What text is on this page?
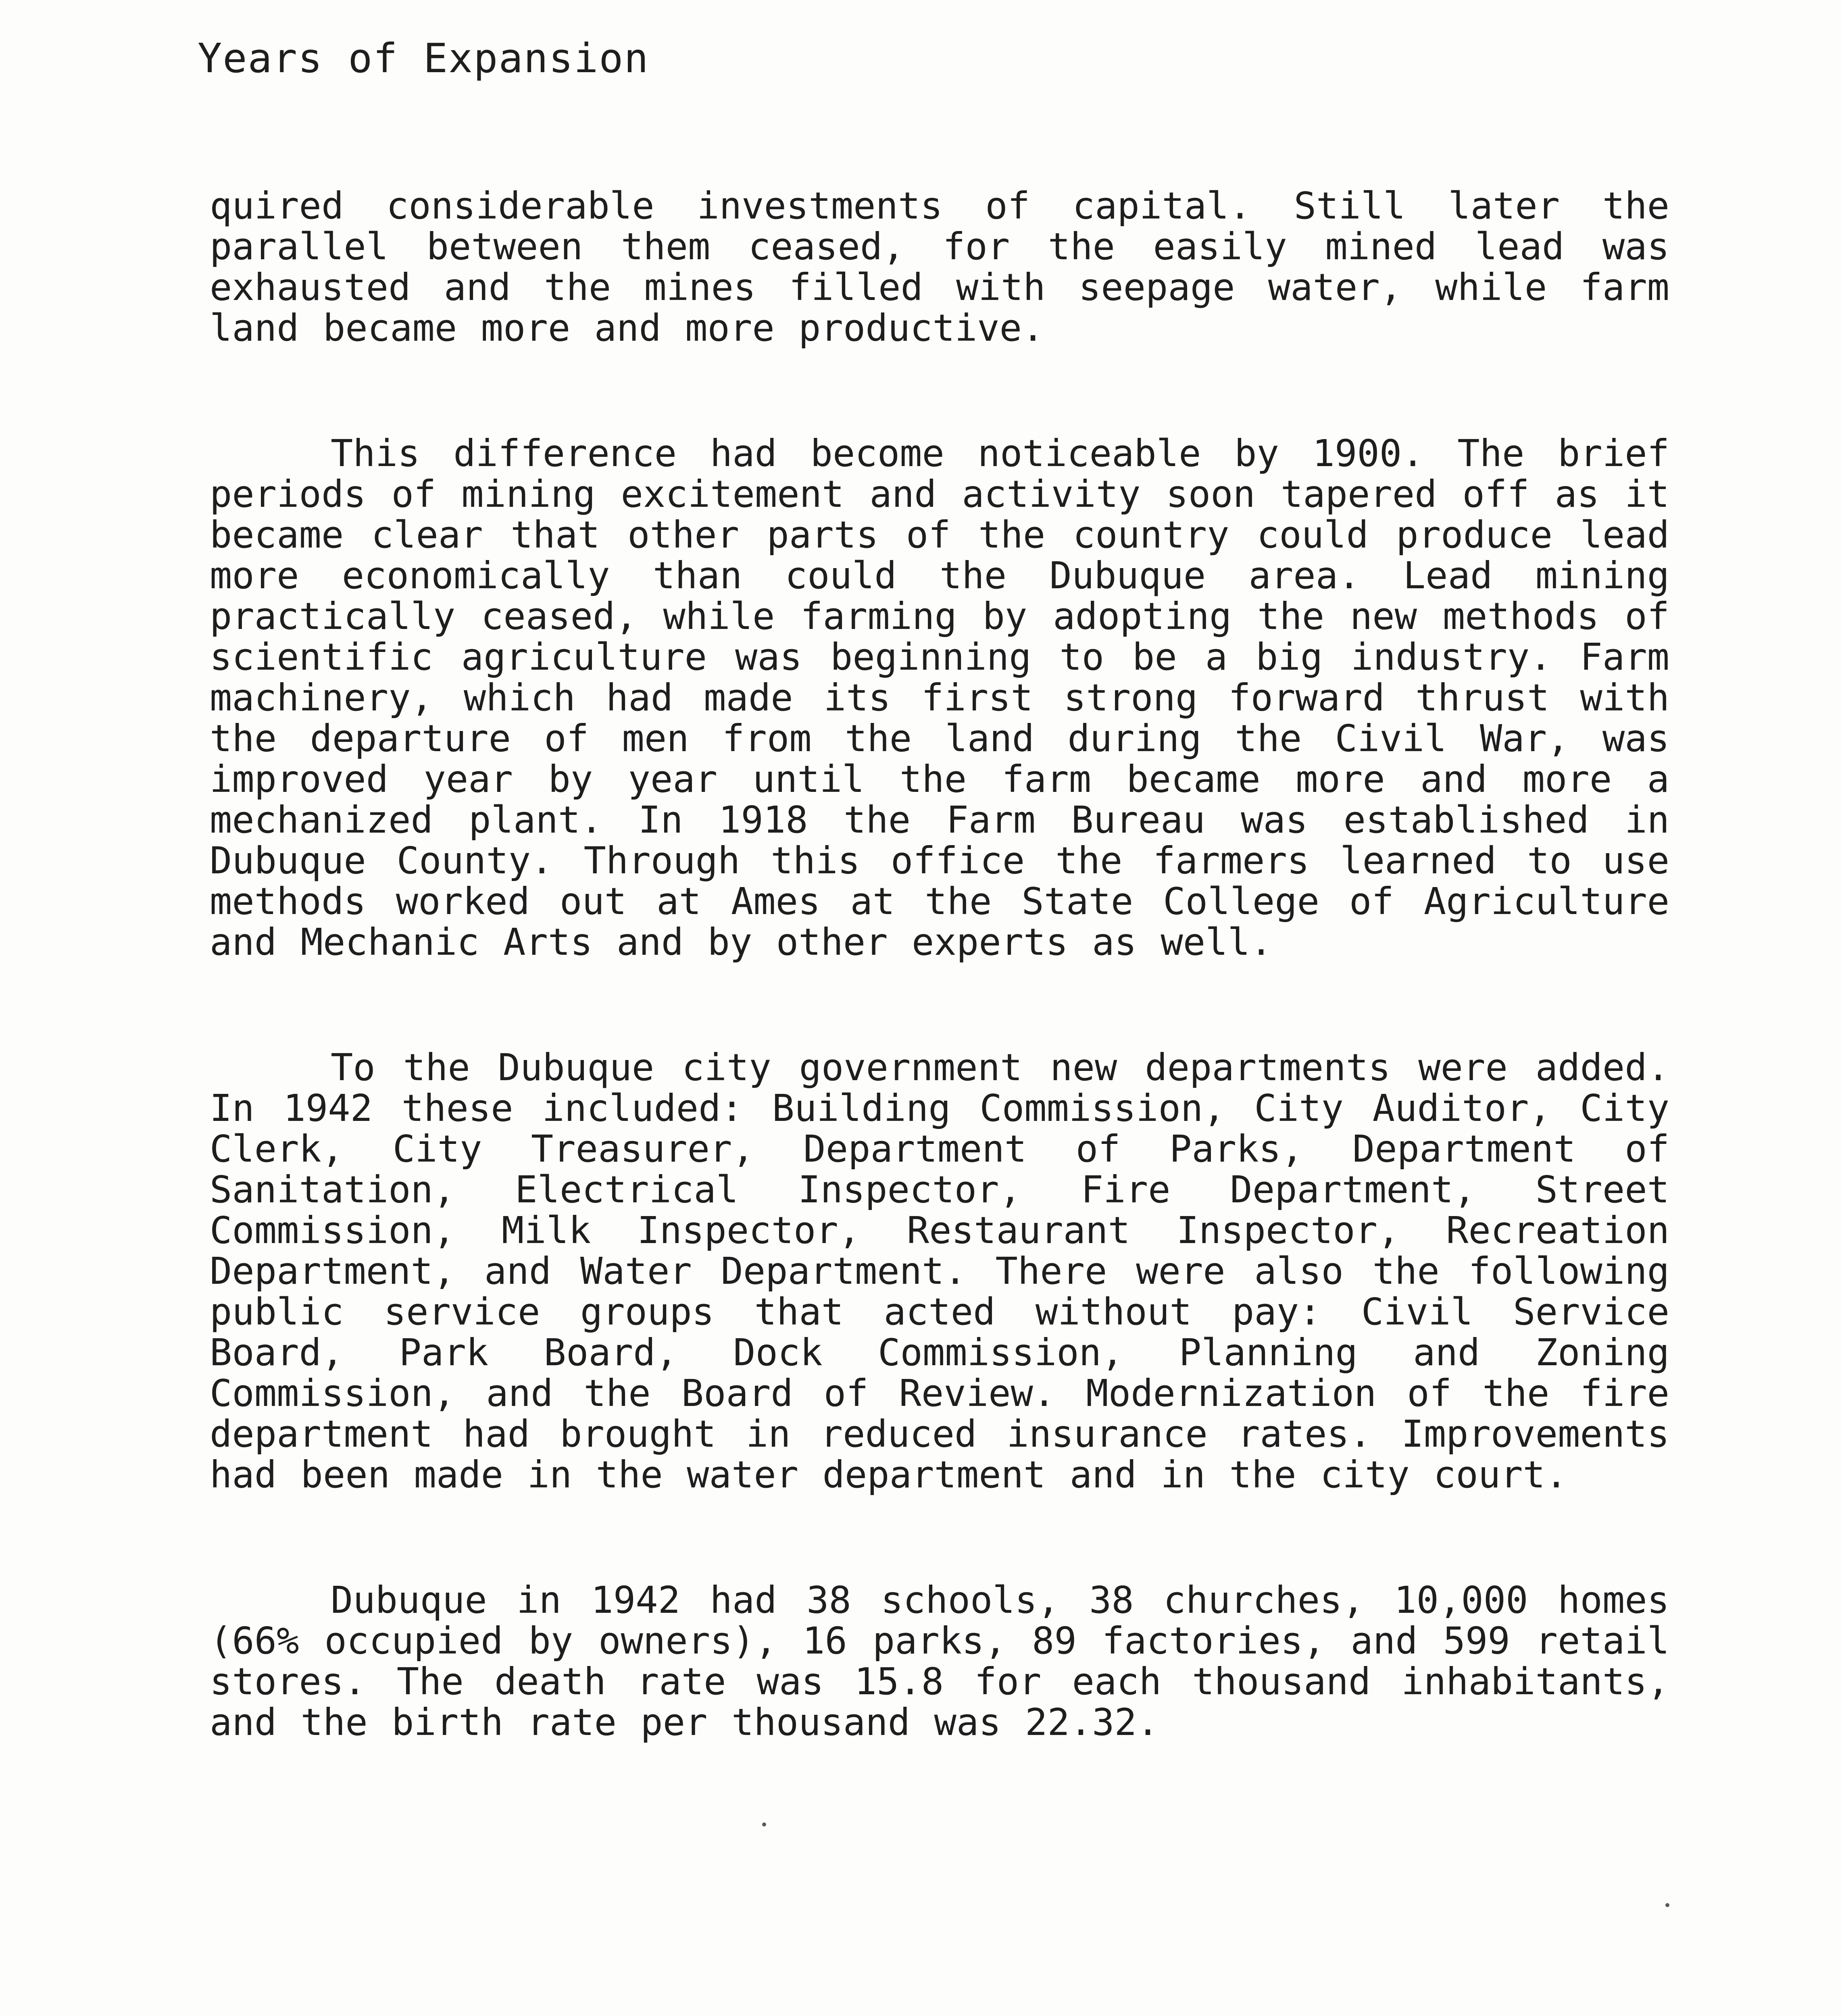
Years of Expansion

quired considerable investments of capital. Still later the parallel between them ceased, for the easily mined lead was exhausted and the mines filled with seepage water, while farm land became more and more productive.

This difference had become noticeable by 1900. The brief periods of mining excitement and activity soon tapered off as it became clear that other parts of the country could produce lead more economically than could the Dubuque area. Lead mining practically ceased, while farming by adopting the new methods of scientific agriculture was beginning to be a big industry. Farm machinery, which had made its first strong forward thrust with the departure of men from the land during the Civil War, was improved year by year until the farm became more and more a mechanized plant. In 1918 the Farm Bureau was established in Dubuque County. Through this office the farmers learned to use methods worked out at Ames at the State College of Agriculture and Mechanic Arts and by other experts as well.

To the Dubuque city government new departments were added. In 1942 these included: Building Commission, City Auditor, City Clerk, City Treasurer, Department of Parks, Department of Sanitation, Electrical Inspector, Fire Department, Street Commission, Milk Inspector, Restaurant Inspector, Recreation Department, and Water Department. There were also the following public service groups that acted without pay: Civil Service Board, Park Board, Dock Commission, Planning and Zoning Commission, and the Board of Review. Modernization of the fire department had brought in reduced insurance rates. Improvements had been made in the water department and in the city court.

Dubuque in 1942 had 38 schools, 38 churches, 10,000 homes (66% occupied by owners), 16 parks, 89 factories, and 599 retail stores. The death rate was 15.8 for each thousand inhabitants, and the birth rate per thousand was 22.32.
